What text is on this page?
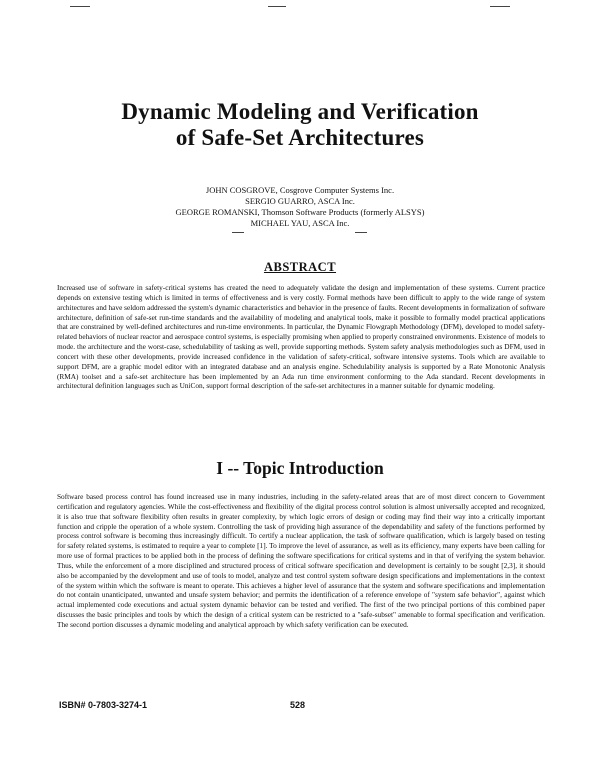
Dynamic Modeling and Verification
of Safe-Set Architectures
JOHN COSGROVE, Cosgrove Computer Systems Inc.
SERGIO GUARRO, ASCA Inc.
GEORGE ROMANSKI, Thomson Software Products (formerly ALSYS)
MICHAEL YAU, ASCA Inc.
ABSTRACT

Increased use of software in safety-critical systems has created the need to adequately validate the design and implementation of these systems. Current practice depends on extensive testing which is limited in terms of effectiveness and is very costly. Formal methods have been difficult to apply to the wide range of system architectures and have seldom addressed the system's dynamic characteristics and behavior in the presence of faults. Recent developments in formalization of software architecture, definition of safe-set run-time standards and the availability of modeling and analytical tools, make it possible to formally model practical applications that are constrained by well-defined architectures and run-time environments. In particular, the Dynamic Flowgraph Methodology (DFM), developed to model safety-related behaviors of nuclear reactor and aerospace control systems, is especially promising when applied to properly constrained environments. Existence of models to mode. the architecture and the worst-case, schedulability of tasking as well, provide supporting methods. System safety analysis methodologies such as DFM, used in concert with these other developments, provide increased confidence in the validation of safety-critical, software intensive systems. Tools which are available to support DFM, are a graphic model editor with an integrated database and an analysis engine. Schedulability analysis is supported by a Rate Monotonic Analysis (RMA) toolset and a safe-set architecture has been implemented by an Ada run time environment conforming to the Ada standard. Recent developments in architectural definition languages such as UniCon, support formal description of the safe-set architectures in a manner suitable for dynamic modeling.

I -- Topic Introduction

Software based process control has found increased use in many industries, including in the safety-related areas that are of most direct concern to Government certification and regulatory agencies. While the cost-effectiveness and flexibility of the digital process control solution is almost universally accepted and recognized, it is also true that software flexibility often results in greater complexity, by which logic errors of design or coding may find their way into a critically important function and cripple the operation of a whole system. Controlling the task of providing high assurance of the dependability and safety of the functions performed by process control software is becoming thus increasingly difficult. To certify a nuclear application, the task of software qualification, which is largely based on testing for safety related systems, is estimated to require a year to complete [1]. To improve the level of assurance, as well as its efficiency, many experts have been calling for more use of formal practices to be applied both in the process of defining the software specifications for critical systems and in that of verifying the system behavior. Thus, while the enforcement of a more disciplined and structured process of critical software specification and development is certainly to be sought [2,3], it should also be accompanied by the development and use of tools to model, analyze and test control system software design specifications and implementations in the context of the system within which the software is meant to operate. This achieves a higher level of assurance that the system and software specifications and implementation do not contain unanticipated, unwanted and unsafe system behavior; and permits the identification of a reference envelope of "system safe behavior", against which actual implemented code executions and actual system dynamic behavior can be tested and verified. The first of the two principal portions of this combined paper discusses the basic principles and tools by which the design of a critical system can be restricted to a "safe-subset" amenable to formal specification and verification. The second portion discusses a dynamic modeling and analytical approach by which safety verification can be executed.

ISBN# 0-7803-3274-1	528
